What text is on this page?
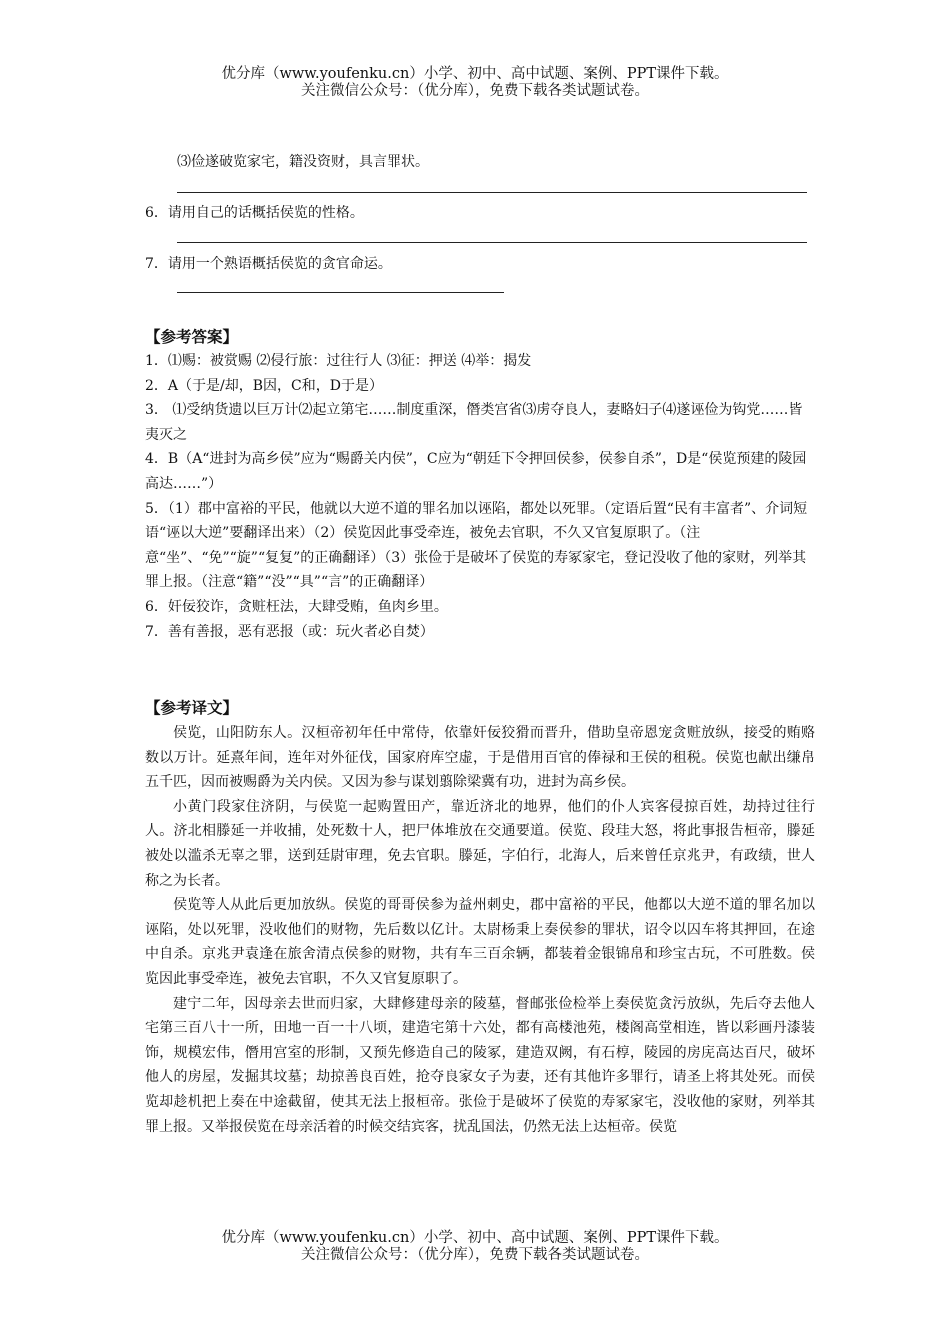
优分库（www.youfenku.cn）小学、初中、高中试题、案例、PPT课件下载。
关注微信公众号：（优分库），免费下载各类试题试卷。
⑶俭遂破览家宅，籍没资财，具言罪状。
6．请用自己的话概括侯览的性格。
7．请用一个熟语概括侯览的贪官命运。
【参考答案】
1．⑴赐：被赏赐 ⑵侵行旅：过往行人 ⑶征：押送 ⑷举：揭发
2．A（于是/却，B因，C和，D于是）
3． ⑴受纳货遗以巨万计⑵起立第宅……制度重深，僭类宫省⑶虏夺良人，妻略妇子⑷遂诬俭为钩党……皆夷灭之
4．B（A“进封为高乡侯”应为“赐爵关内侯”，C应为“朝廷下令押回侯参，侯参自杀”，D是“侯览预建的陵园高达……”）
5．（1）郡中富裕的平民，他就以大逆不道的罪名加以诬陷，都处以死罪。（定语后置“民有丰富者”、介词短语“诬以大逆”要翻译出来）（2）侯览因此事受牵连，被免去官职，不久又官复原职了。（注意“坐”、“免”“旋”“复复”的正确翻译）（3）张俭于是破坏了侯览的寿冢家宅，登记没收了他的家财，列举其罪上报。（注意“籍”“没”“具”“言”的正确翻译）
6．奸佞狡诈，贪赃枉法，大肆受贿，鱼肉乡里。
7．善有善报，恶有恶报（或：玩火者必自焚）
【参考译文】
侯览，山阳防东人。汉桓帝初年任中常侍，依靠奸佞狡猾而晋升，借助皇帝恩宠贪赃放纵，接受的贿赂数以万计。延熹年间，连年对外征伐，国家府库空虚，于是借用百官的俸禄和王侯的租税。侯览也献出缣帛五千匹，因而被赐爵为关内侯。又因为参与谋划翦除梁冀有功，进封为高乡侯。
小黄门段家住济阴，与侯览一起购置田产，靠近济北的地界，他们的仆人宾客侵掠百姓，劫持过往行人。济北相滕延一并收捕，处死数十人，把尸体堆放在交通要道。侯览、段珪大怒，将此事报告桓帝，滕延被处以滥杀无辜之罪，送到廷尉审理，免去官职。滕延，字伯行，北海人，后来曾任京兆尹，有政绩，世人称之为长者。
侯览等人从此后更加放纵。侯览的哥哥侯参为益州刺史，郡中富裕的平民，他都以大逆不道的罪名加以诬陷，处以死罪，没收他们的财物，先后数以亿计。太尉杨秉上奏侯参的罪状，诏令以囚车将其押回，在途中自杀。京兆尹袁逢在旅舍清点侯参的财物，共有车三百余辆，都装着金银锦帛和珍宝古玩，不可胜数。侯览因此事受牵连，被免去官职，不久又官复原职了。
建宁二年，因母亲去世而归家，大肆修建母亲的陵墓，督邮张俭检举上奏侯览贪污放纵，先后夺去他人宅第三百八十一所，田地一百一十八顷，建造宅第十六处，都有高楼池苑，楼阁高堂相连，皆以彩画丹漆装饰，规模宏伟，僭用宫室的形制，又预先修造自己的陵冢，建造双阙，有石椁，陵园的房庑高达百尺，破坏他人的房屋，发掘其坟墓；劫掠善良百姓，抢夺良家女子为妻，还有其他许多罪行，请圣上将其处死。而侯览却趁机把上奏在中途截留，使其无法上报桓帝。张俭于是破坏了侯览的寿冢家宅，没收他的家财，列举其罪上报。又举报侯览在母亲活着的时候交结宾客，扰乱国法，仍然无法上达桓帝。侯览
优分库（www.youfenku.cn）小学、初中、高中试题、案例、PPT课件下载。
关注微信公众号：（优分库），免费下载各类试题试卷。
